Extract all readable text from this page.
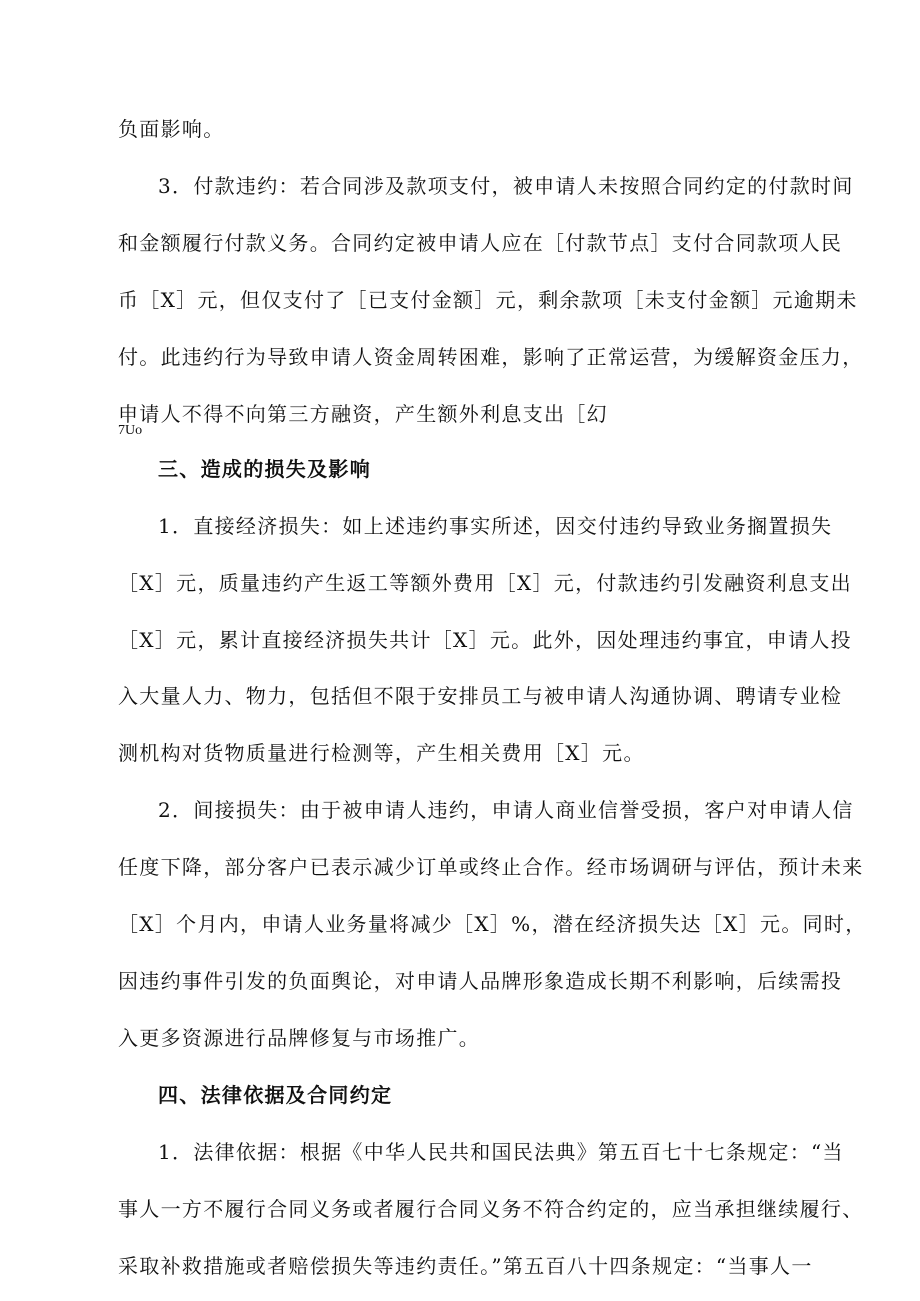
负面影响。
3．付款违约：若合同涉及款项支付，被申请人未按照合同约定的付款时间
和金额履行付款义务。合同约定被申请人应在［付款节点］支付合同款项人民
币［X］元，但仅支付了［已支付金额］元，剩余款项［未支付金额］元逾期未
付。此违约行为导致申请人资金周转困难，影响了正常运营，为缓解资金压力，
申请人不得不向第三方融资，产生额外利息支出［幻
7Uo
三、造成的损失及影响
1．直接经济损失：如上述违约事实所述，因交付违约导致业务搁置损失
［X］元，质量违约产生返工等额外费用［X］元，付款违约引发融资利息支出
［X］元，累计直接经济损失共计［X］元。此外，因处理违约事宜，申请人投
入大量人力、物力，包括但不限于安排员工与被申请人沟通协调、聘请专业检
测机构对货物质量进行检测等，产生相关费用［X］元。
2．间接损失：由于被申请人违约，申请人商业信誉受损，客户对申请人信
任度下降，部分客户已表示减少订单或终止合作。经市场调研与评估，预计未来
［X］个月内，申请人业务量将减少［X］%，潜在经济损失达［X］元。同时，
因违约事件引发的负面舆论，对申请人品牌形象造成长期不利影响，后续需投
入更多资源进行品牌修复与市场推广。
四、法律依据及合同约定
1．法律依据：根据《中华人民共和国民法典》第五百七十七条规定：“当
事人一方不履行合同义务或者履行合同义务不符合约定的，应当承担继续履行、
采取补救措施或者赔偿损失等违约责任。”第五百八十四条规定：“当事人一
